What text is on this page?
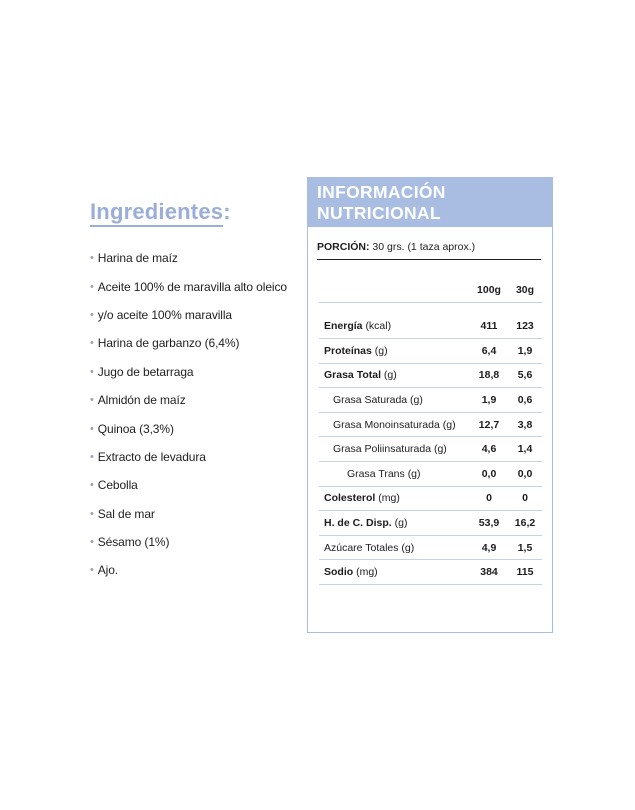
Ingredientes:
• Harina de maíz
• Aceite 100% de maravilla alto oleico
• y/o aceite 100% maravilla
• Harina de garbanzo (6,4%)
• Jugo de betarraga
• Almidón de maíz
• Quinoa (3,3%)
• Extracto de levadura
• Cebolla
• Sal de mar
• Sésamo (1%)
• Ajo.
INFORMACIÓN NUTRICIONAL
PORCIÓN: 30 grs. (1 taza aprox.)
	100g	30g

Energía (kcal)	411	123
Proteínas (g)	6,4	1,9
Grasa Total (g)	18,8	5,6
Grasa Saturada (g)	1,9	0,6
Grasa Monoinsaturada (g)	12,7	3,8
Grasa Poliinsaturada (g)	4,6	1,4
Grasa Trans (g)	0,0	0,0
Colesterol (mg)	0	0
H. de C. Disp. (g)	53,9	16,2
Azúcare Totales (g)	4,9	1,5
Sodio (mg)	384	115
